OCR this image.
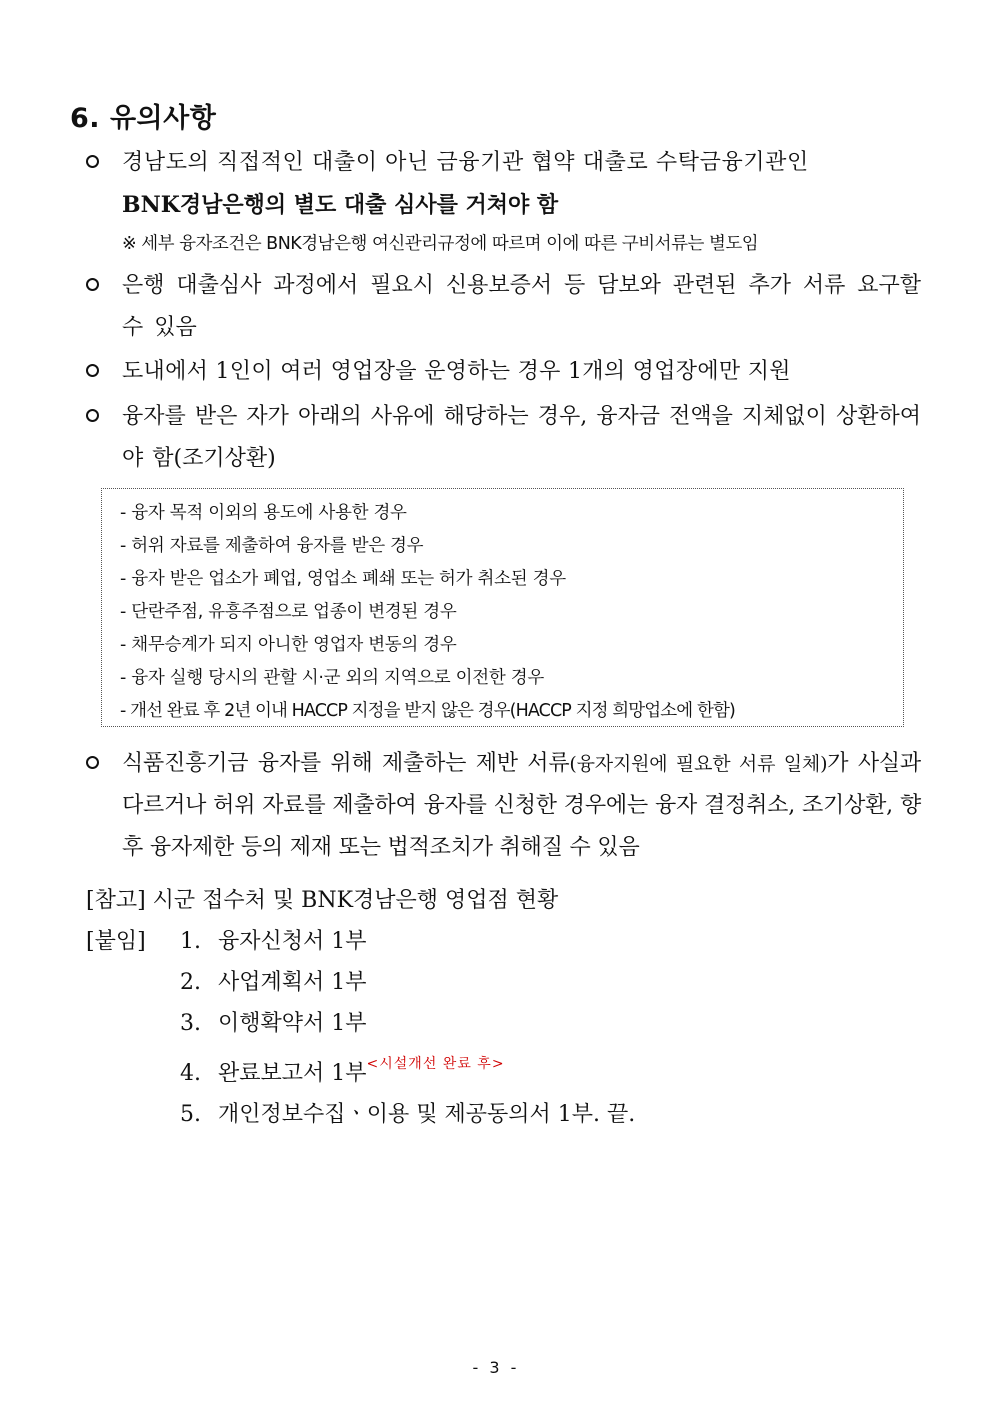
6. 유의사항
경남도의 직접적인 대출이 아닌 금융기관 협약 대출로 수탁금융기관인
BNK경남은행의 별도 대출 심사를 거쳐야 함
※ 세부 융자조건은 BNK경남은행 여신관리규정에 따르며 이에 따른 구비서류는 별도임
은행 대출심사 과정에서 필요시 신용보증서 등 담보와 관련된 추가 서류 요구할 수 있음
도내에서 1인이 여러 영업장을 운영하는 경우 1개의 영업장에만 지원
융자를 받은 자가 아래의 사유에 해당하는 경우, 융자금 전액을 지체없이 상환하여야 함(조기상환)
- 융자 목적 이외의 용도에 사용한 경우
- 허위 자료를 제출하여 융자를 받은 경우
- 융자 받은 업소가 폐업, 영업소 폐쇄 또는 허가 취소된 경우
- 단란주점, 유흥주점으로 업종이 변경된 경우
- 채무승계가 되지 아니한 영업자 변동의 경우
- 융자 실행 당시의 관할 시·군 외의 지역으로 이전한 경우
- 개선 완료 후 2년 이내 HACCP 지정을 받지 않은 경우(HACCP 지정 희망업소에 한함)
식품진흥기금 융자를 위해 제출하는 제반 서류(융자지원에 필요한 서류 일체)가 사실과 다르거나 허위 자료를 제출하여 융자를 신청한 경우에는 융자 결정취소, 조기상환, 향후 융자제한 등의 제재 또는 법적조치가 취해질 수 있음
[참고] 시군 접수처 및 BNK경남은행 영업점 현황
[붙임] 1. 융자신청서 1부
2. 사업계획서 1부
3. 이행확약서 1부
4. 완료보고서 1부$^{<시설개선 완료 후>}$
5. 개인정보수집ㆍ이용 및 제공동의서 1부. 끝.
- 3 -
